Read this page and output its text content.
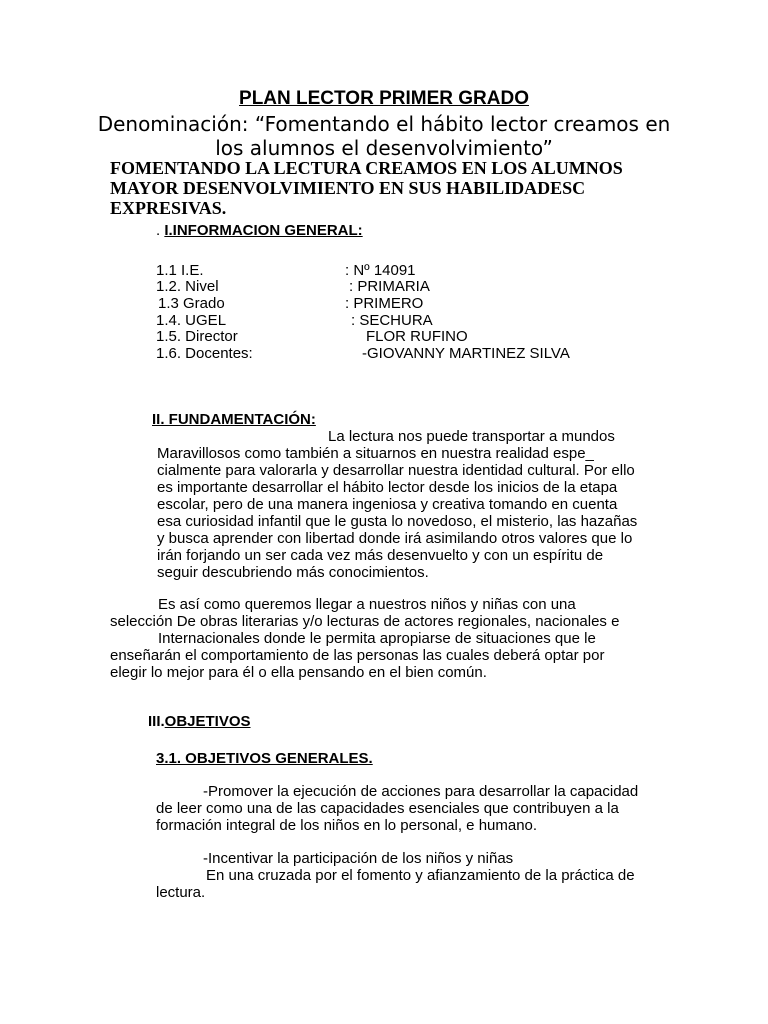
PLAN LECTOR PRIMER GRADO
Denominación: “Fomentando el hábito lector creamos en
los alumnos el desenvolvimiento”
FOMENTANDO LA LECTURA CREAMOS EN LOS ALUMNOS
MAYOR DESENVOLVIMIENTO EN SUS HABILIDADESC
EXPRESIVAS.
. I.INFORMACION GENERAL:
1.1 I.E.	: Nº 14091
1.2. Nivel	: PRIMARIA
1.3 Grado	: PRIMERO
1.4. UGEL	: SECHURA
1.5. Director	FLOR RUFINO
1.6. Docentes:	-GIOVANNY MARTINEZ SILVA
II. FUNDAMENTACIÓN:
La lectura nos puede transportar a mundos
Maravillosos como también a situarnos en nuestra realidad espe_
cialmente para valorarla y desarrollar nuestra identidad cultural. Por ello
es importante desarrollar el hábito lector desde los inicios de la etapa
escolar, pero de una manera ingeniosa y creativa tomando en cuenta
esa curiosidad infantil que le gusta lo novedoso, el misterio, las hazañas
y busca aprender con libertad donde irá asimilando otros valores que lo
irán forjando un ser cada vez más desenvuelto y con un espíritu de
seguir descubriendo más conocimientos.
Es así como queremos llegar a nuestros niños y niñas con una
selección De obras literarias y/o lecturas de actores regionales, nacionales e
Internacionales donde le permita apropiarse de situaciones que le
enseñarán el comportamiento de las personas las cuales deberá optar por
elegir lo mejor para él o ella pensando en el bien común.
III.OBJETIVOS
3.1. OBJETIVOS GENERALES.
-Promover la ejecución de acciones para desarrollar la capacidad
de leer como una de las capacidades esenciales que contribuyen a la
formación integral de los niños en lo personal, e humano.
-Incentivar la participación de los niños y niñas
En una cruzada por el fomento y afianzamiento de la práctica de
lectura.
